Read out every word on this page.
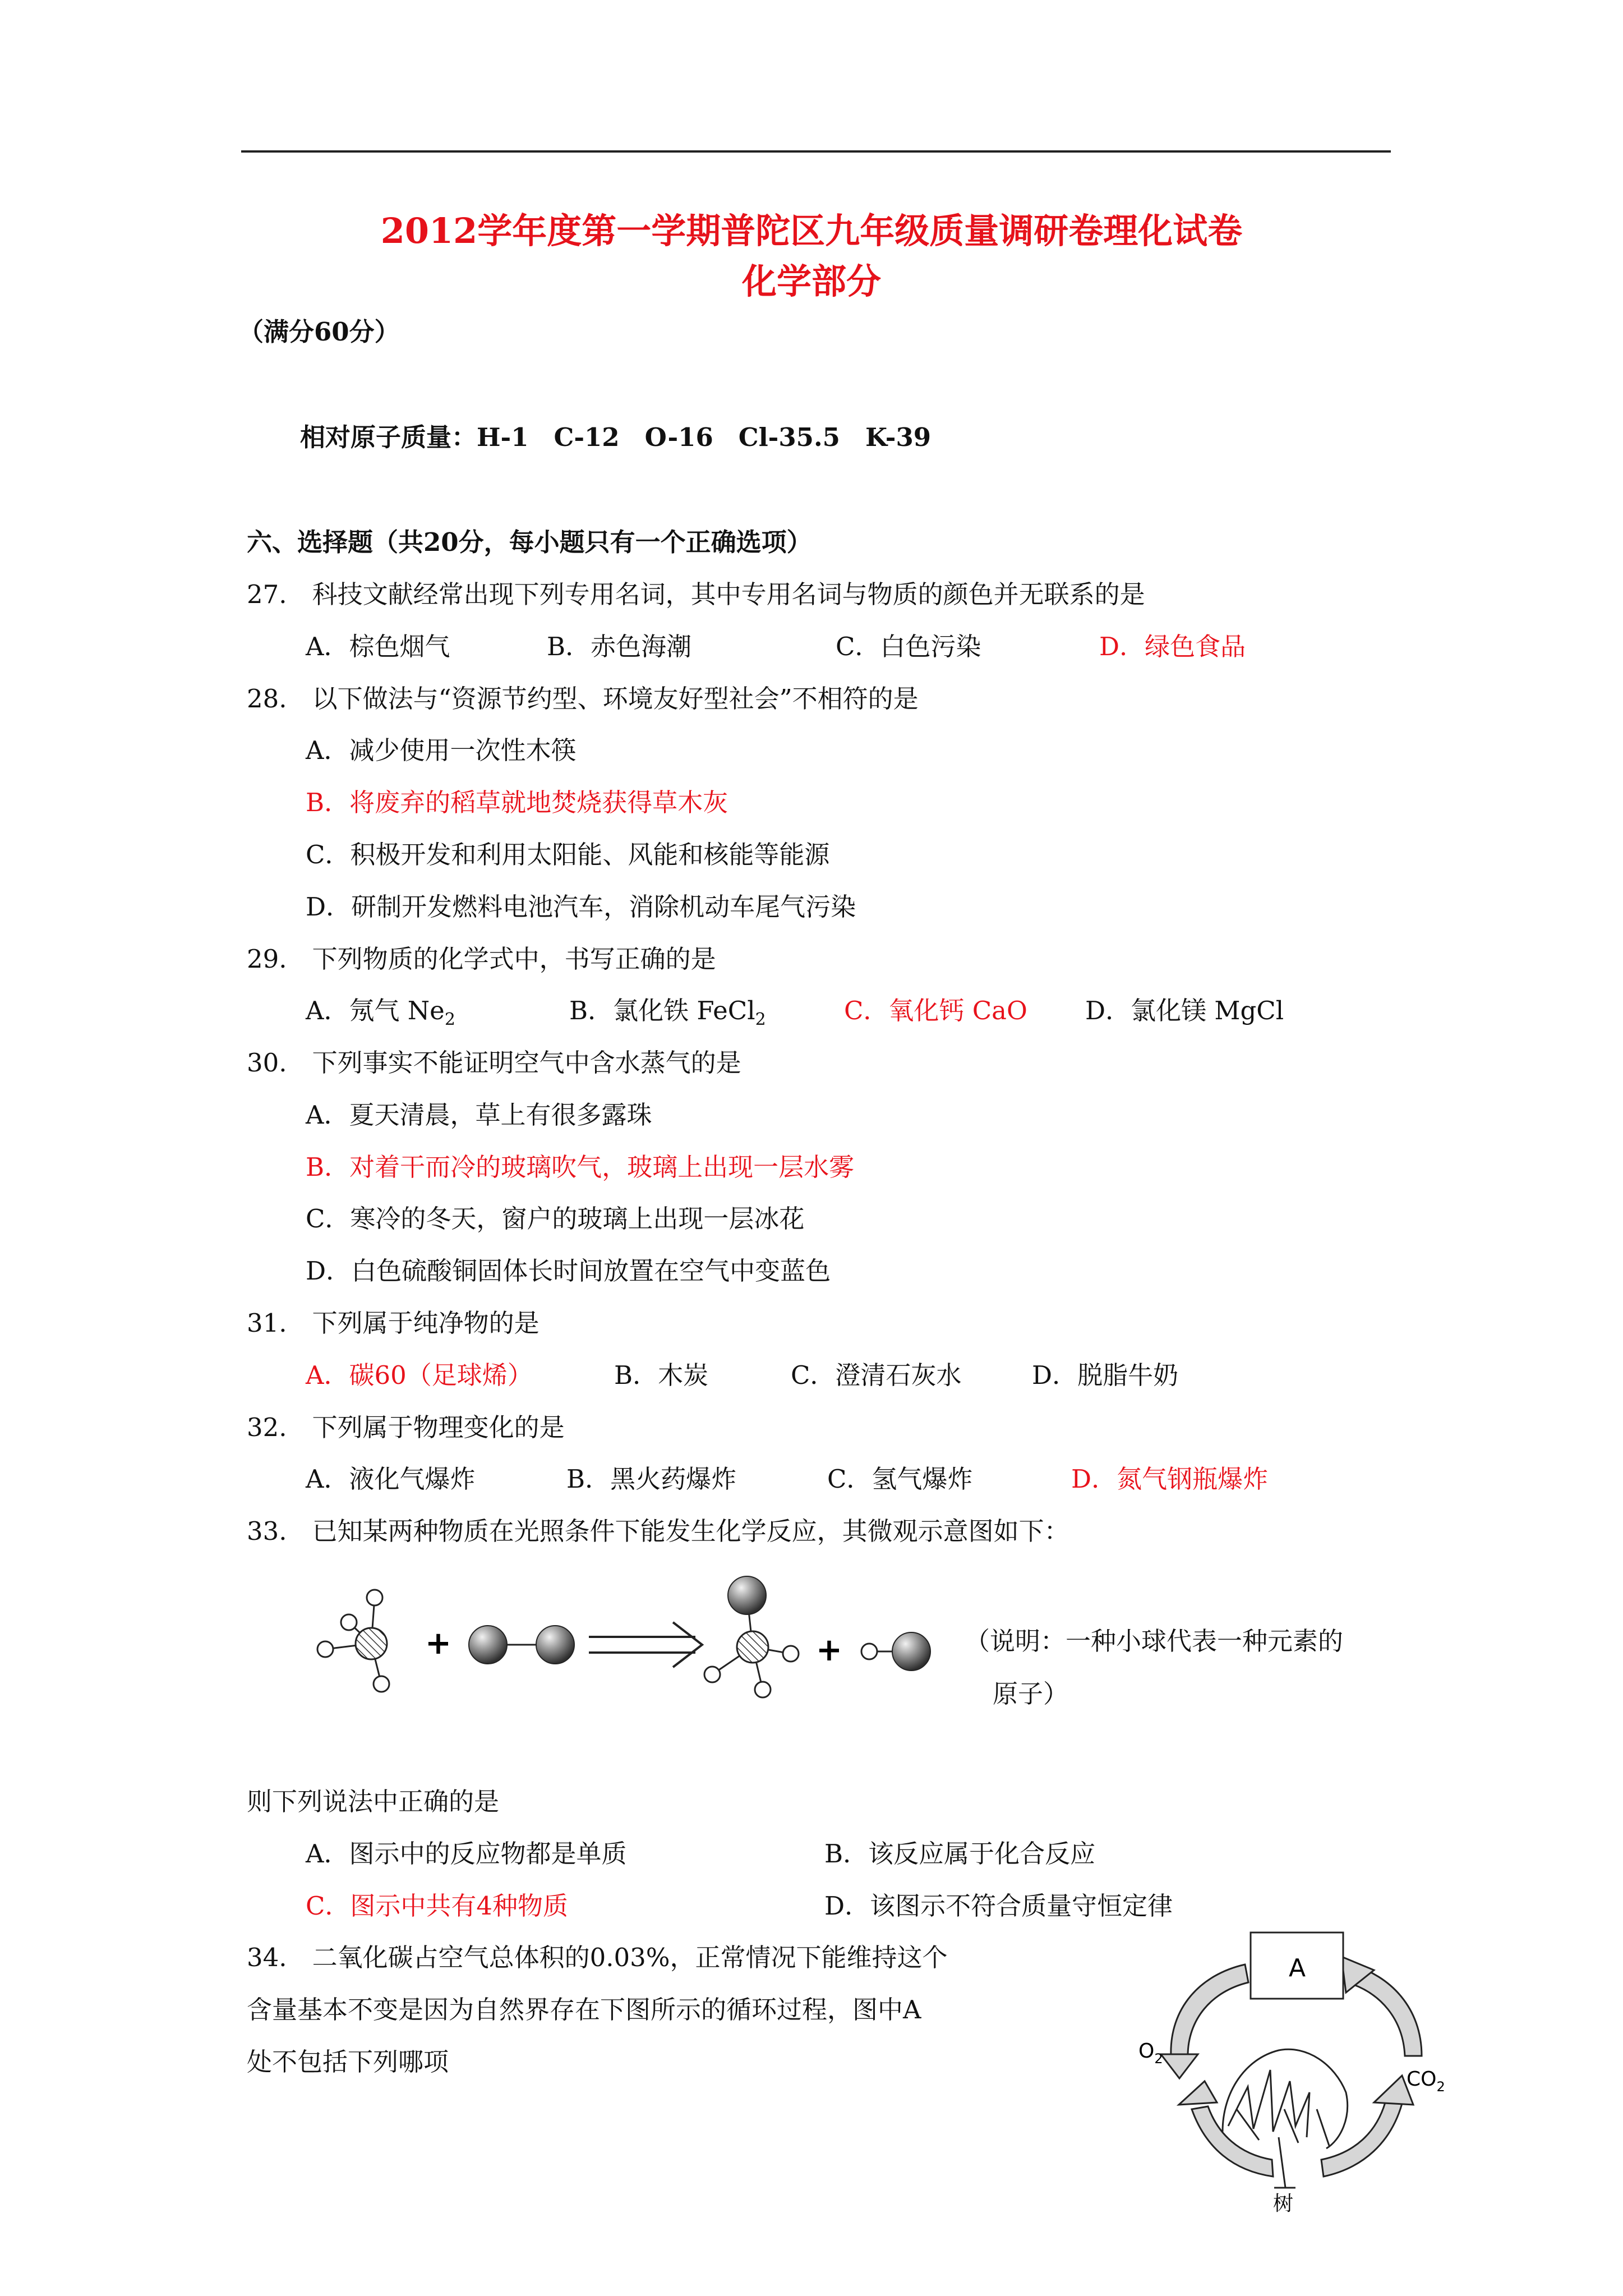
2012学年度第一学期普陀区九年级质量调研卷理化试卷
化学部分
（满分60分）
相对原子质量：H-1　C-12　O-16　Cl-35.5　K-39
六、选择题（共20分，每小题只有一个正确选项）
27.　科技文献经常出现下列专用名词，其中专用名词与物质的颜色并无联系的是
A．棕色烟气	B．赤色海潮	C．白色污染	D．绿色食品
28.　以下做法与“资源节约型、环境友好型社会”不相符的是
A．减少使用一次性木筷
B．将废弃的稻草就地焚烧获得草木灰
C．积极开发和利用太阳能、风能和核能等能源
D．研制开发燃料电池汽车，消除机动车尾气污染
29.　下列物质的化学式中，书写正确的是
A．氖气 $Ne_2$	B．氯化铁 FeCl$_2$	C．氧化钙 CaO D．氯化镁 MgCl
30.　下列事实不能证明空气中含水蒸气的是
A．夏天清晨，草上有很多露珠
B．对着干而冷的玻璃吹气，玻璃上出现一层水雾
C．寒冷的冬天，窗户的玻璃上出现一层冰花
D．白色硫酸铜固体长时间放置在空气中变蓝色
31.　下列属于纯净物的是
A．碳60（足球烯）	B．木炭	C．澄清石灰水	D．脱脂牛奶
32.　下列属于物理变化的是
A．液化气爆炸	B．黑火药爆炸	C．氢气爆炸	D．氮气钢瓶爆炸
33.　已知某两种物质在光照条件下能发生化学反应，其微观示意图如下：
+	+	（说明：一种小球代表一种元素的
原子）
则下列说法中正确的是
A．图示中的反应物都是单质	B．该反应属于化合反应
C．图示中共有4种物质	D．该图示不符合质量守恒定律
34.　二氧化碳占空气总体积的0.03%，正常情况下能维持这个
含量基本不变是因为自然界存在下图所示的循环过程，图中A
处不包括下列哪项
A
$O_2$
$CO_2$
树
